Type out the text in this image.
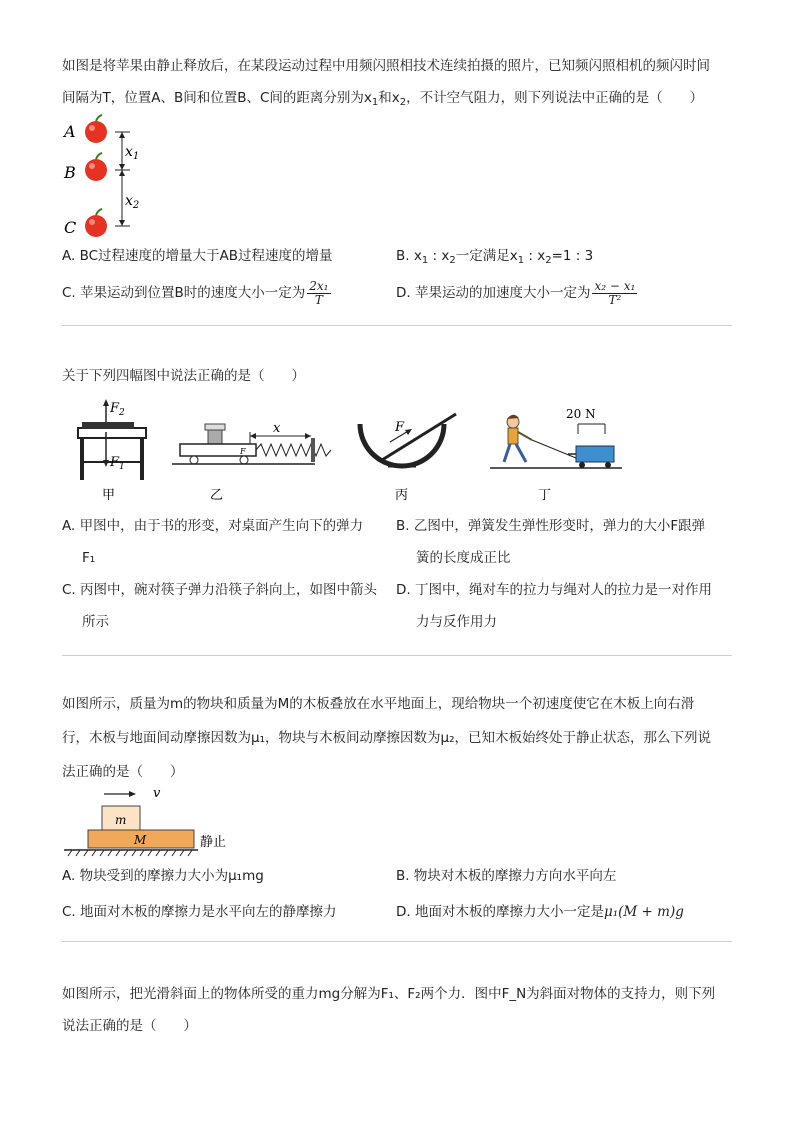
如图是将苹果由静止释放后，在某段运动过程中用频闪照相技术连续拍摄的照片，已知频闪照相机的频闪时间
间隔为T，位置A、B间和位置B、C间的距离分别为$x_1$和$x_2$，不计空气阻力，则下列说法中正确的是（　　）
A
B
C
$x_1$
$x_2$
A. BC过程速度的增量大于AB过程速度的增量	B. $x_1$ : $x_2$一定满足$x_1$ : $x_2=1$ : 3
C. 苹果运动到位置B时的速度大小一定为 $\frac{\text{2x₁}}{T}$	D. 苹果运动的加速度大小一定为 $\frac{\text{x₂ − x₁}}{\text{T²}}$
关于下列四幅图中说法正确的是（　　）
$F_2$
$F_1$
甲
F
x
乙
F
丙
20 N
丁
A. 甲图中，由于书的形变，对桌面产生向下的弹力
F₁
B. 乙图中，弹簧发生弹性形变时，弹力的大小F跟弹
簧的长度成正比
C. 丙图中，碗对筷子弹力沿筷子斜向上，如图中箭头
所示
D. 丁图中，绳对车的拉力与绳对人的拉力是一对作用
力与反作用力
如图所示，质量为m的物块和质量为M的木板叠放在水平地面上，现给物块一个初速度使它在木板上向右滑
行，木板与地面间动摩擦因数为μ₁，物块与木板间动摩擦因数为μ₂，已知木板始终处于静止状态，那么下列说
法正确的是（　　）
v
m
M	静止
A. 物块受到的摩擦力大小为μ₁mg	B. 物块对木板的摩擦力方向水平向左
C. 地面对木板的摩擦力是水平向左的静摩擦力	D. 地面对木板的摩擦力大小一定是μ₁(M + m)g
如图所示，把光滑斜面上的物体所受的重力mg分解为F₁、F₂两个力．图中F_N为斜面对物体的支持力，则下列
说法正确的是（　　）
